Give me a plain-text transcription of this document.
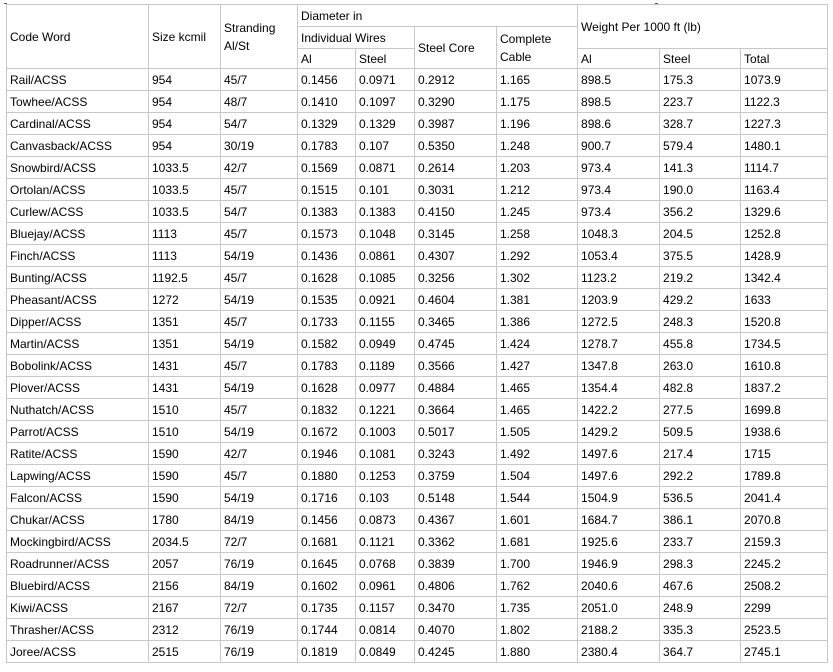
Code Word	Size kcmil	Stranding Al/St	Diameter in				Weight Per 1000 ft (lb)		
			Individual Wires		Steel Core	Complete Cable			
			Al	Steel			Al	Steel	Total
Rail/ACSS	954	45/7	0.1456	0.0971	0.2912	1.165	898.5	175.3	1073.9
Towhee/ACSS	954	48/7	0.1410	0.1097	0.3290	1.175	898.5	223.7	1122.3
Cardinal/ACSS	954	54/7	0.1329	0.1329	0.3987	1.196	898.6	328.7	1227.3
Canvasback/ACSS	954	30/19	0.1783	0.107	0.5350	1.248	900.7	579.4	1480.1
Snowbird/ACSS	1033.5	42/7	0.1569	0.0871	0.2614	1.203	973.4	141.3	1114.7
Ortolan/ACSS	1033.5	45/7	0.1515	0.101	0.3031	1.212	973.4	190.0	1163.4
Curlew/ACSS	1033.5	54/7	0.1383	0.1383	0.4150	1.245	973.4	356.2	1329.6
Bluejay/ACSS	1113	45/7	0.1573	0.1048	0.3145	1.258	1048.3	204.5	1252.8
Finch/ACSS	1113	54/19	0.1436	0.0861	0.4307	1.292	1053.4	375.5	1428.9
Bunting/ACSS	1192.5	45/7	0.1628	0.1085	0.3256	1.302	1123.2	219.2	1342.4
Pheasant/ACSS	1272	54/19	0.1535	0.0921	0.4604	1.381	1203.9	429.2	1633
Dipper/ACSS	1351	45/7	0.1733	0.1155	0.3465	1.386	1272.5	248.3	1520.8
Martin/ACSS	1351	54/19	0.1582	0.0949	0.4745	1.424	1278.7	455.8	1734.5
Bobolink/ACSS	1431	45/7	0.1783	0.1189	0.3566	1.427	1347.8	263.0	1610.8
Plover/ACSS	1431	54/19	0.1628	0.0977	0.4884	1.465	1354.4	482.8	1837.2
Nuthatch/ACSS	1510	45/7	0.1832	0.1221	0.3664	1.465	1422.2	277.5	1699.8
Parrot/ACSS	1510	54/19	0.1672	0.1003	0.5017	1.505	1429.2	509.5	1938.6
Ratite/ACSS	1590	42/7	0.1946	0.1081	0.3243	1.492	1497.6	217.4	1715
Lapwing/ACSS	1590	45/7	0.1880	0.1253	0.3759	1.504	1497.6	292.2	1789.8
Falcon/ACSS	1590	54/19	0.1716	0.103	0.5148	1.544	1504.9	536.5	2041.4
Chukar/ACSS	1780	84/19	0.1456	0.0873	0.4367	1.601	1684.7	386.1	2070.8
Mockingbird/ACSS	2034.5	72/7	0.1681	0.1121	0.3362	1.681	1925.6	233.7	2159.3
Roadrunner/ACSS	2057	76/19	0.1645	0.0768	0.3839	1.700	1946.9	298.3	2245.2
Bluebird/ACSS	2156	84/19	0.1602	0.0961	0.4806	1.762	2040.6	467.6	2508.2
Kiwi/ACSS	2167	72/7	0.1735	0.1157	0.3470	1.735	2051.0	248.9	2299
Thrasher/ACSS	2312	76/19	0.1744	0.0814	0.4070	1.802	2188.2	335.3	2523.5
Joree/ACSS	2515	76/19	0.1819	0.0849	0.4245	1.880	2380.4	364.7	2745.1
